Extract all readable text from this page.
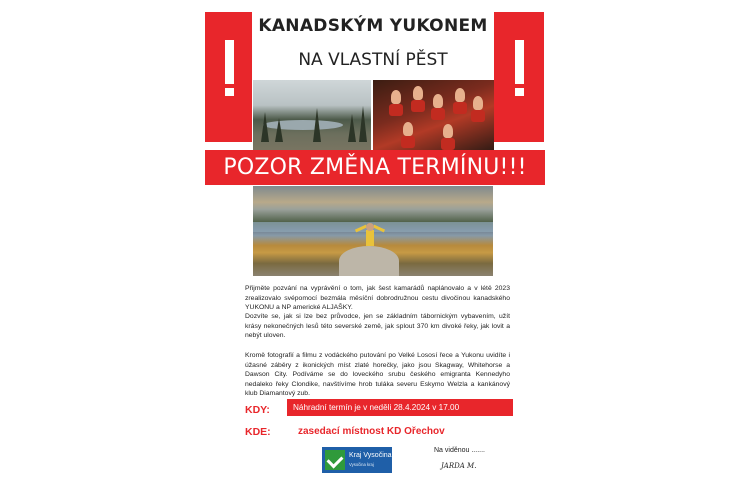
KANADSKÝM YUKONEM
NA VLASTNÍ PĚST
POZOR ZMĚNA TERMÍNU!!!
Přijměte pozvání na vyprávění o tom, jak šest kamarádů naplánovalo a v létě 2023 zrealizovalo svépomocí bezmála měsíční dobrodružnou cestu divočinou kanadského YUKONU a NP americké ALJAŠKY.
Dozvíte se, jak si lze bez průvodce, jen se základním tábornickým vybavením, užít krásy nekonečných lesů této severské země, jak splout 370 km divoké řeky, jak lovit a nebýt uloven.
Kromě fotografií a filmu z vodáckého putování po Velké Lososí řece a Yukonu uvidíte i úžasné záběry z ikonických míst zlaté horečky, jako jsou Skagway, Whitehorse a Dawson City. Podíváme se do loveckého srubu českého emigranta Kennedyho nedaleko řeky Clondike, navštívíme hrob tuláka severu Eskymo Welzla a kankánový klub Diamantový zub.
KDY:	Náhradní termín je v neděli 28.4.2024 v 17.00
KDE:	zasedací místnost KD Ořechov
Kraj Vysočina
Vysočina kraj
Na viděnou .......
JARDA M.
